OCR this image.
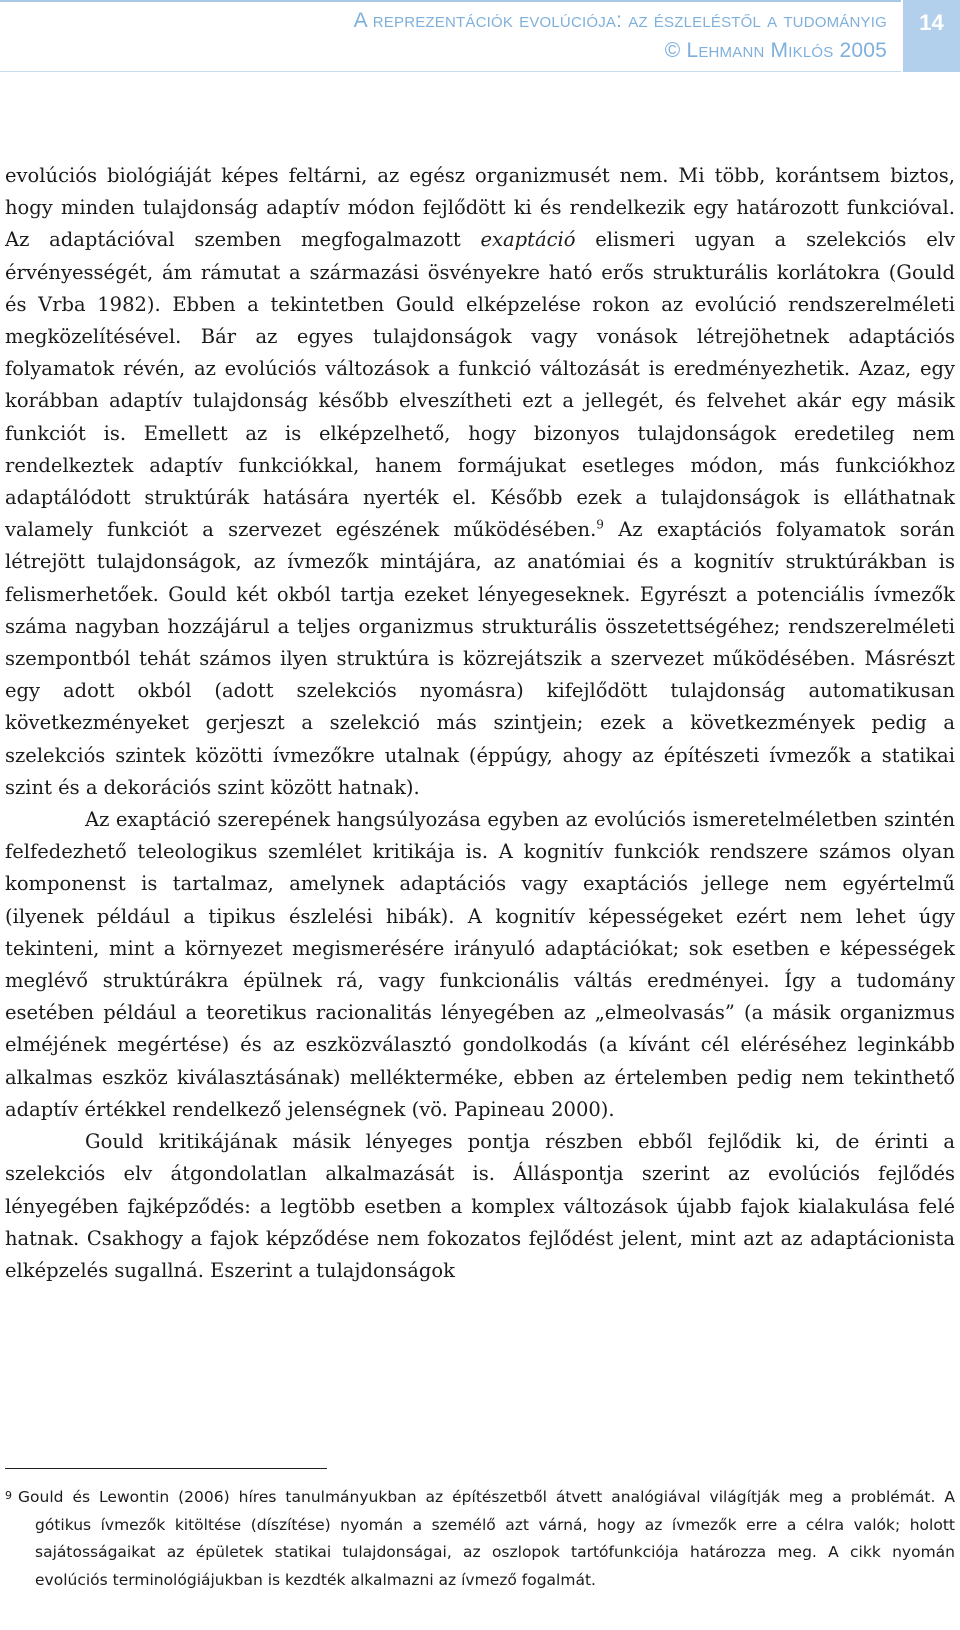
A reprezentációk evolúciója: az észleléstől a tudományig
© Lehmann Miklós 2005
14

evolúciós biológiáját képes feltárni, az egész organizmusét nem. Mi több, korántsem biztos, hogy minden tulajdonság adaptív módon fejlődött ki és rendelkezik egy határozott funkcióval. Az adaptációval szemben megfogalmazott exaptáció elismeri ugyan a szelekciós elv érvényességét, ám rámutat a származási ösvényekre ható erős strukturális korlátokra (Gould és Vrba 1982). Ebben a tekintetben Gould elképzelése rokon az evolúció rendszerelméleti megközelítésével. Bár az egyes tulajdonságok vagy vonások létrejöhetnek adaptációs folyamatok révén, az evolúciós változások a funkció változását is eredményezhetik. Azaz, egy korábban adaptív tulajdonság később elveszítheti ezt a jellegét, és felvehet akár egy másik funkciót is. Emellett az is elképzelhető, hogy bizonyos tulajdonságok eredetileg nem rendelkeztek adaptív funkciókkal, hanem formájukat esetleges módon, más funkciókhoz adaptálódott struktúrák hatására nyerték el. Később ezek a tulajdonságok is elláthatnak valamely funkciót a szervezet egészének működésében.$^9$ Az exaptációs folyamatok során létrejött tulajdonságok, az ívmezők mintájára, az anatómiai és a kognitív struktúrákban is felismerhetőek. Gould két okból tartja ezeket lényegeseknek. Egyrészt a potenciális ívmezők száma nagyban hozzájárul a teljes organizmus strukturális összetettségéhez; rendszerelméleti szempontból tehát számos ilyen struktúra is közrejátszik a szervezet működésében. Másrészt egy adott okból (adott szelekciós nyomásra) kifejlődött tulajdonság automatikusan következményeket gerjeszt a szelekció más szintjein; ezek a következmények pedig a szelekciós szintek közötti ívmezőkre utalnak (éppúgy, ahogy az építészeti ívmezők a statikai szint és a dekorációs szint között hatnak).

Az exaptáció szerepének hangsúlyozása egyben az evolúciós ismeretelméletben szintén felfedezhető teleologikus szemlélet kritikája is. A kognitív funkciók rendszere számos olyan komponenst is tartalmaz, amelynek adaptációs vagy exaptációs jellege nem egyértelmű (ilyenek például a tipikus észlelési hibák). A kognitív képességeket ezért nem lehet úgy tekinteni, mint a környezet megismerésére irányuló adaptációkat; sok esetben e képességek meglévő struktúrákra épülnek rá, vagy funkcionális váltás eredményei. Így a tudomány esetében például a teoretikus racionalitás lényegében az „elmeolvasás” (a másik organizmus elméjének megértése) és az eszközválasztó gondolkodás (a kívánt cél eléréséhez leginkább alkalmas eszköz kiválasztásának) mellékterméke, ebben az értelemben pedig nem tekinthető adaptív értékkel rendelkező jelenségnek (vö. Papineau 2000).

Gould kritikájának másik lényeges pontja részben ebből fejlődik ki, de érinti a szelekciós elv átgondolatlan alkalmazását is. Álláspontja szerint az evolúciós fejlődés lényegében fajképződés: a legtöbb esetben a komplex változások újabb fajok kialakulása felé hatnak. Csakhogy a fajok képződése nem fokozatos fejlődést jelent, mint azt az adaptácionista elképzelés sugallná. Eszerint a tulajdonságok

$^9$ Gould és Lewontin (2006) híres tanulmányukban az építészetből átvett analógiával világítják meg a problémát. A gótikus ívmezők kitöltése (díszítése) nyomán a személő azt várná, hogy az ívmezők erre a célra valók; holott sajátosságaikat az épületek statikai tulajdonságai, az oszlopok tartófunkciója határozza meg. A cikk nyomán evolúciós terminológiájukban is kezdték alkalmazni az ívmező fogalmát.
